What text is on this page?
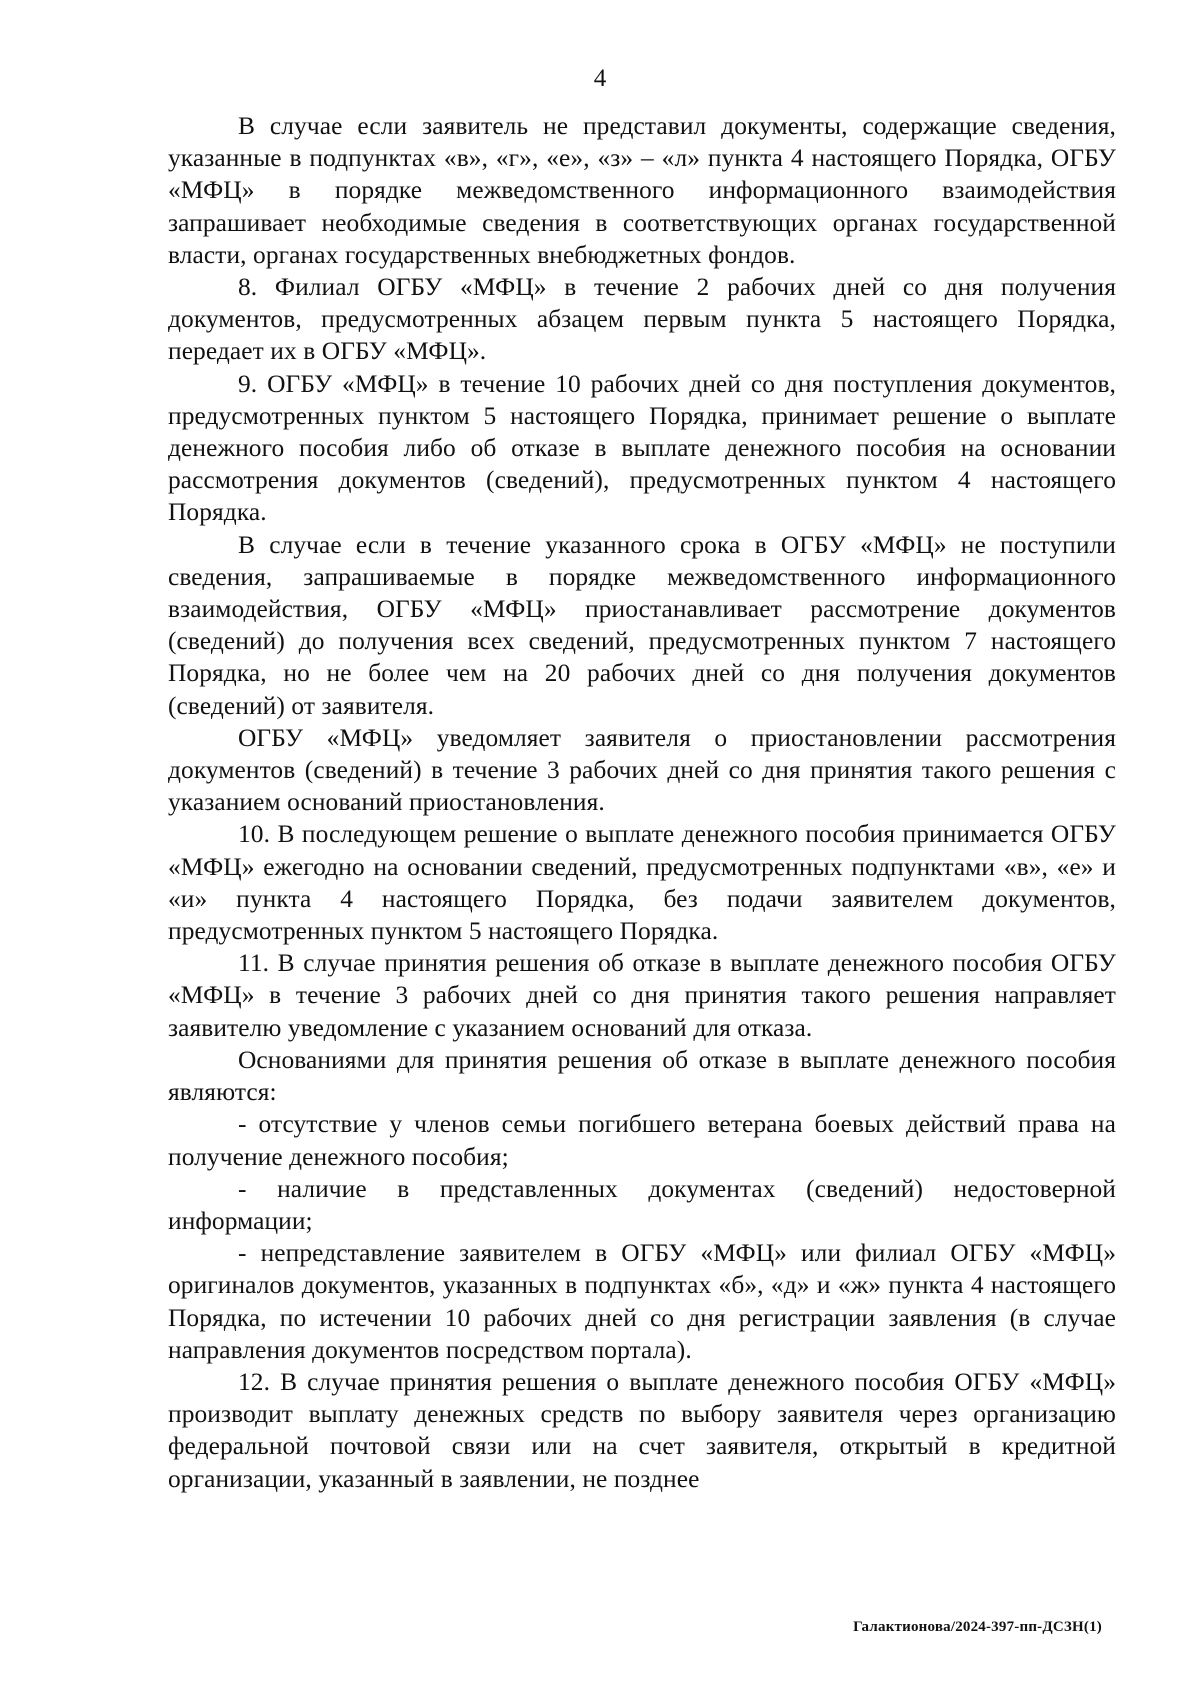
4

В случае если заявитель не представил документы, содержащие сведения, указанные в подпунктах «в», «г», «е», «з» – «л» пункта 4 настоящего Порядка, ОГБУ «МФЦ» в порядке межведомственного информационного взаимодействия запрашивает необходимые сведения в соответствующих органах государственной власти, органах государственных внебюджетных фондов.

8. Филиал ОГБУ «МФЦ» в течение 2 рабочих дней со дня получения документов, предусмотренных абзацем первым пункта 5 настоящего Порядка, передает их в ОГБУ «МФЦ».

9. ОГБУ «МФЦ» в течение 10 рабочих дней со дня поступления документов, предусмотренных пунктом 5 настоящего Порядка, принимает решение о выплате денежного пособия либо об отказе в выплате денежного пособия на основании рассмотрения документов (сведений), предусмотренных пунктом 4 настоящего Порядка.

В случае если в течение указанного срока в ОГБУ «МФЦ» не поступили сведения, запрашиваемые в порядке межведомственного информационного взаимодействия, ОГБУ «МФЦ» приостанавливает рассмотрение документов (сведений) до получения всех сведений, предусмотренных пунктом 7 настоящего Порядка, но не более чем на 20 рабочих дней со дня получения документов (сведений) от заявителя.

ОГБУ «МФЦ» уведомляет заявителя о приостановлении рассмотрения документов (сведений) в течение 3 рабочих дней со дня принятия такого решения с указанием оснований приостановления.

10. В последующем решение о выплате денежного пособия принимается ОГБУ «МФЦ» ежегодно на основании сведений, предусмотренных подпунктами «в», «е» и «и» пункта 4 настоящего Порядка, без подачи заявителем документов, предусмотренных пунктом 5 настоящего Порядка.

11. В случае принятия решения об отказе в выплате денежного пособия ОГБУ «МФЦ» в течение 3 рабочих дней со дня принятия такого решения направляет заявителю уведомление с указанием оснований для отказа.

Основаниями для принятия решения об отказе в выплате денежного пособия являются:

- отсутствие у членов семьи погибшего ветерана боевых действий права на получение денежного пособия;

- наличие в представленных документах (сведений) недостоверной информации;

- непредставление заявителем в ОГБУ «МФЦ» или филиал ОГБУ «МФЦ» оригиналов документов, указанных в подпунктах «б», «д» и «ж» пункта 4 настоящего Порядка, по истечении 10 рабочих дней со дня регистрации заявления (в случае направления документов посредством портала).

12. В случае принятия решения о выплате денежного пособия ОГБУ «МФЦ» производит выплату денежных средств по выбору заявителя через организацию федеральной почтовой связи или на счет заявителя, открытый в кредитной организации, указанный в заявлении, не позднее

Галактионова/2024-397-пп-ДСЗН(1)
